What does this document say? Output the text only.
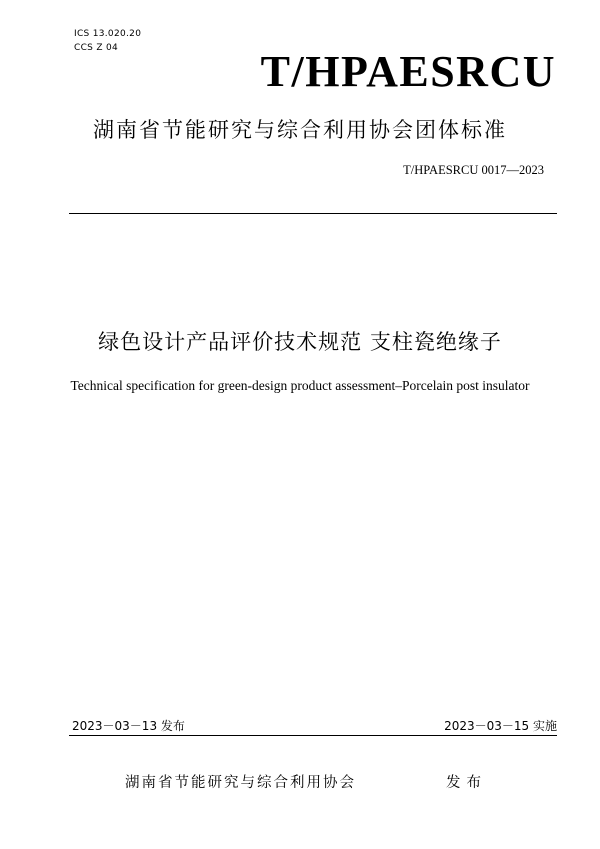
ICS 13.020.20
CCS Z 04	T/HPAESRCU
湖南省节能研究与综合利用协会团体标准
T/HPAESRCU 0017—2023
绿色设计产品评价技术规范 支柱瓷绝缘子
Technical specification for green-design product assessment–Porcelain post insulator
2023－03－13 发布	2023－03－15 实施
湖南省节能研究与综合利用协会	发布
